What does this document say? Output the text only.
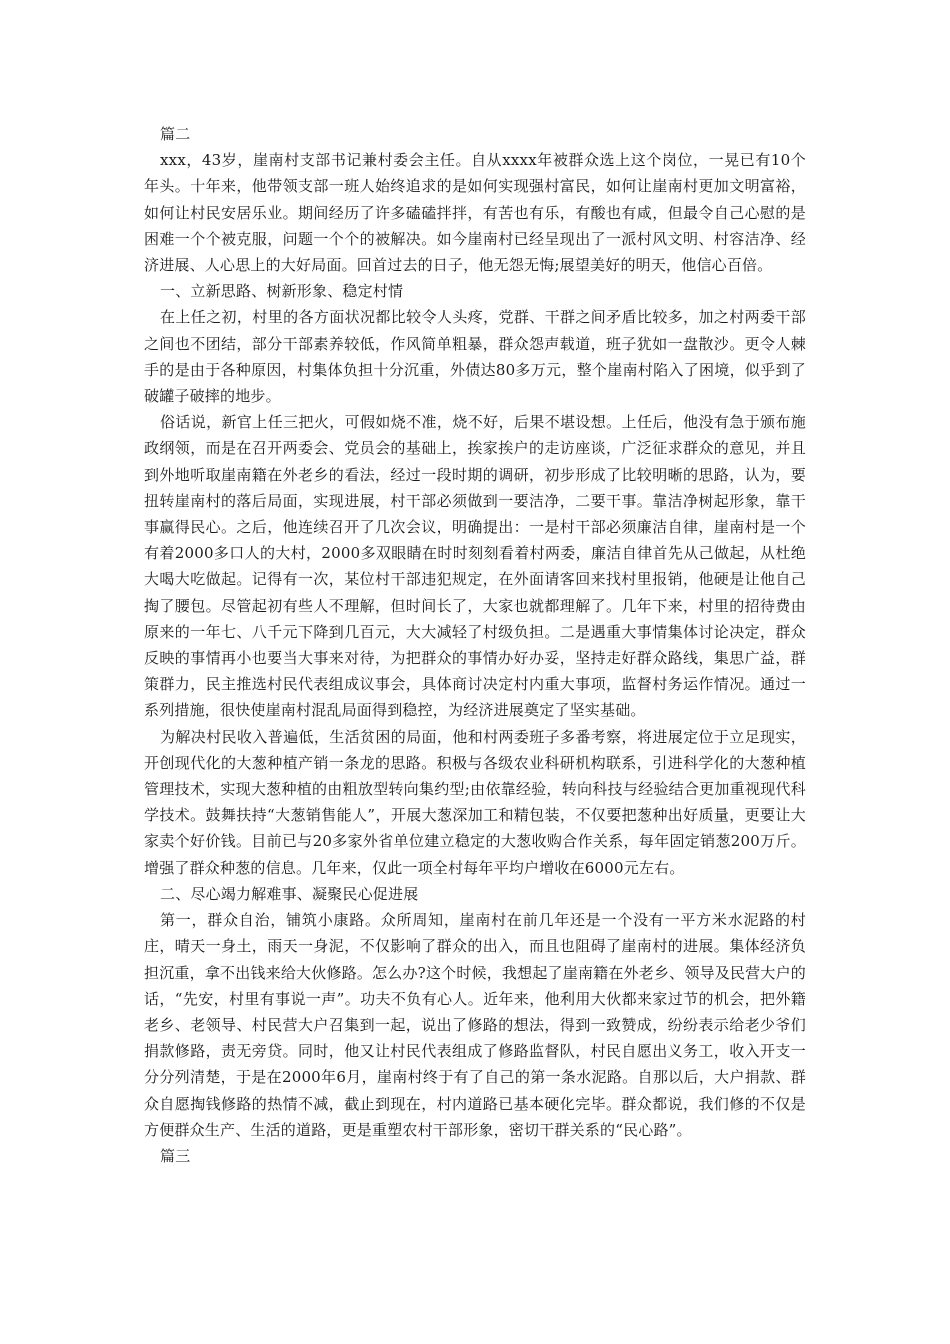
篇二

xxx，43岁，崖南村支部书记兼村委会主任。自从xxxx年被群众选上这个岗位，一晃已有10个年头。十年来，他带领支部一班人始终追求的是如何实现强村富民，如何让崖南村更加文明富裕，如何让村民安居乐业。期间经历了许多磕磕拌拌，有苦也有乐，有酸也有咸，但最令自己心慰的是困难一个个被克服，问题一个个的被解决。如今崖南村已经呈现出了一派村风文明、村容洁净、经济进展、人心思上的大好局面。回首过去的日子，他无怨无悔;展望美好的明天，他信心百倍。

一、立新思路、树新形象、稳定村情

在上任之初，村里的各方面状况都比较令人头疼，党群、干群之间矛盾比较多，加之村两委干部之间也不团结，部分干部素养较低，作风简单粗暴，群众怨声载道，班子犹如一盘散沙。更令人棘手的是由于各种原因，村集体负担十分沉重，外债达80多万元，整个崖南村陷入了困境，似乎到了破罐子破摔的地步。

俗话说，新官上任三把火，可假如烧不准，烧不好，后果不堪设想。上任后，他没有急于颁布施政纲领，而是在召开两委会、党员会的基础上，挨家挨户的走访座谈，广泛征求群众的意见，并且到外地听取崖南籍在外老乡的看法，经过一段时期的调研，初步形成了比较明晰的思路，认为，要扭转崖南村的落后局面，实现进展，村干部必须做到一要洁净，二要干事。靠洁净树起形象，靠干事赢得民心。之后，他连续召开了几次会议，明确提出：一是村干部必须廉洁自律，崖南村是一个有着2000多口人的大村，2000多双眼睛在时时刻刻看着村两委，廉洁自律首先从己做起，从杜绝大喝大吃做起。记得有一次，某位村干部违犯规定，在外面请客回来找村里报销，他硬是让他自己掏了腰包。尽管起初有些人不理解，但时间长了，大家也就都理解了。几年下来，村里的招待费由原来的一年七、八千元下降到几百元，大大减轻了村级负担。二是遇重大事情集体讨论决定，群众反映的事情再小也要当大事来对待，为把群众的事情办好办妥，坚持走好群众路线，集思广益，群策群力，民主推选村民代表组成议事会，具体商讨决定村内重大事项，监督村务运作情况。通过一系列措施，很快使崖南村混乱局面得到稳控，为经济进展奠定了坚实基础。

为解决村民收入普遍低，生活贫困的局面，他和村两委班子多番考察，将进展定位于立足现实，开创现代化的大葱种植产销一条龙的思路。积极与各级农业科研机构联系，引进科学化的大葱种植管理技术，实现大葱种植的由粗放型转向集约型;由依靠经验，转向科技与经验结合更加重视现代科学技术。鼓舞扶持“大葱销售能人”，开展大葱深加工和精包装，不仅要把葱种出好质量，更要让大家卖个好价钱。目前已与20多家外省单位建立稳定的大葱收购合作关系，每年固定销葱200万斤。增强了群众种葱的信息。几年来，仅此一项全村每年平均户增收在6000元左右。

二、尽心竭力解难事、凝聚民心促进展

第一，群众自治，铺筑小康路。众所周知，崖南村在前几年还是一个没有一平方米水泥路的村庄，晴天一身土，雨天一身泥，不仅影响了群众的出入，而且也阻碍了崖南村的进展。集体经济负担沉重，拿不出钱来给大伙修路。怎么办?这个时候，我想起了崖南籍在外老乡、领导及民营大户的话，“先安，村里有事说一声”。功夫不负有心人。近年来，他利用大伙都来家过节的机会，把外籍老乡、老领导、村民营大户召集到一起，说出了修路的想法，得到一致赞成，纷纷表示给老少爷们捐款修路，责无旁贷。同时，他又让村民代表组成了修路监督队，村民自愿出义务工，收入开支一分分列清楚，于是在2000年6月，崖南村终于有了自己的第一条水泥路。自那以后，大户捐款、群众自愿掏钱修路的热情不减，截止到现在，村内道路已基本硬化完毕。群众都说，我们修的不仅是方便群众生产、生活的道路，更是重塑农村干部形象，密切干群关系的“民心路”。

篇三
